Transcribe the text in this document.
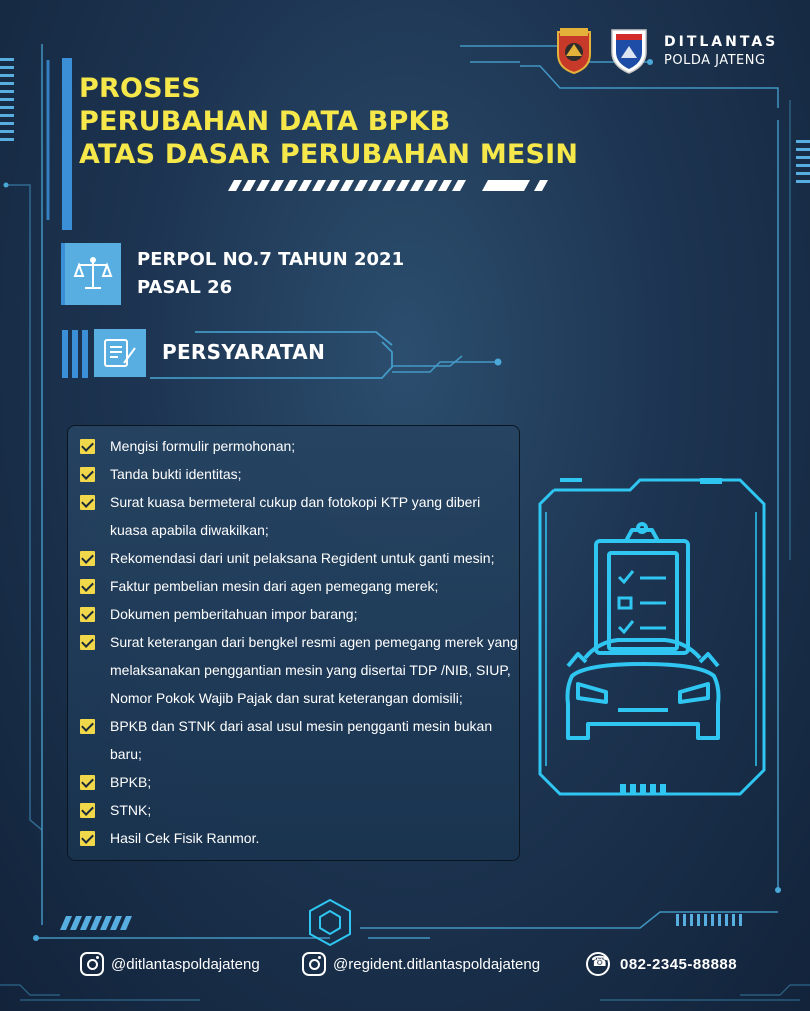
DITLANTAS
POLDA JATENG
PROSES
PERUBAHAN DATA BPKB
ATAS DASAR PERUBAHAN MESIN
PERPOL NO.7 TAHUN 2021
PASAL 26
PERSYARATAN
Mengisi formulir permohonan;
Tanda bukti identitas;
Surat kuasa bermeteral cukup dan fotokopi KTP yang diberi kuasa apabila diwakilkan;
Rekomendasi dari unit pelaksana Regident untuk ganti mesin;
Faktur pembelian mesin dari agen pemegang merek;
Dokumen pemberitahuan impor barang;
Surat keterangan dari bengkel resmi agen pemegang merek yang melaksanakan penggantian mesin yang disertai TDP /NIB, SIUP, Nomor Pokok Wajib Pajak dan surat keterangan domisili;
BPKB dan STNK dari asal usul mesin pengganti mesin bukan baru;
BPKB;
STNK;
Hasil Cek Fisik Ranmor.
@ditlantaspoldajateng	@regident.ditlantaspoldajateng
☎	082-2345-88888
